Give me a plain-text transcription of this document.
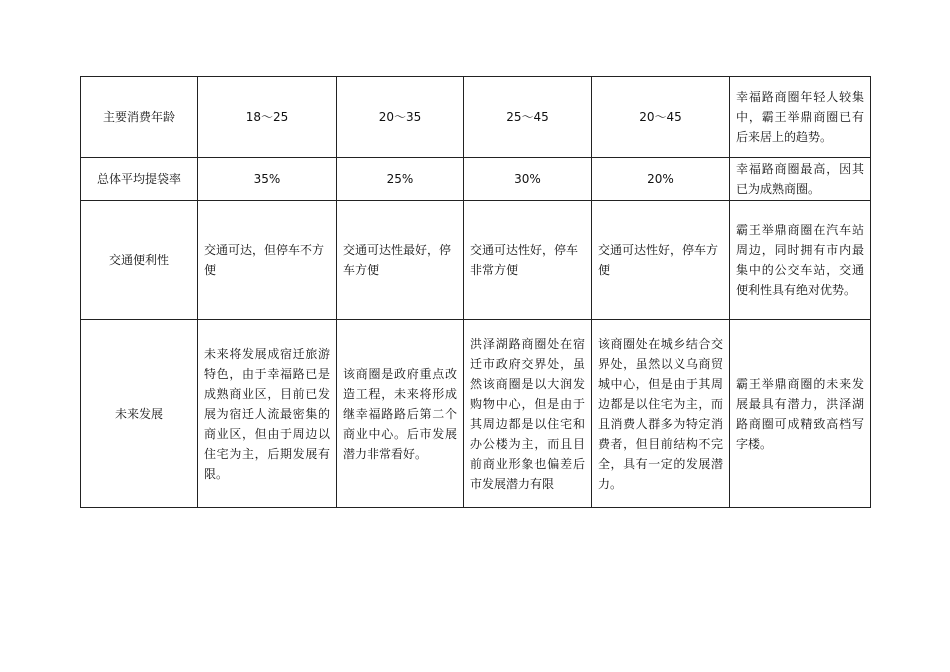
主要消费年龄	18～25	20～35	25～45	20～45	幸福路商圈年轻人较集中，霸王举鼎商圈已有后来居上的趋势。
总体平均提袋率	35%	25%	30%	20%	幸福路商圈最高，因其已为成熟商圈。
交通便利性	交通可达，但停车不方便	交通可达性最好，停车方便	交通可达性好，停车非常方便	交通可达性好，停车方便	霸王举鼎商圈在汽车站周边，同时拥有市内最集中的公交车站，交通便利性具有绝对优势。
未来发展	未来将发展成宿迁旅游特色，由于幸福路已是成熟商业区，目前已发展为宿迁人流最密集的商业区，但由于周边以住宅为主，后期发展有限。	该商圈是政府重点改造工程，未来将形成继幸福路路后第二个商业中心。后市发展潜力非常看好。	洪泽湖路商圈处在宿迁市政府交界处，虽然该商圈是以大润发购物中心，但是由于其周边都是以住宅和办公楼为主，而且目前商业形象也偏差后市发展潜力有限	该商圈处在城乡结合交界处，虽然以义乌商贸城中心，但是由于其周边都是以住宅为主，而且消费人群多为特定消费者，但目前结构不完全，具有一定的发展潜力。	霸王举鼎商圈的未来发展最具有潜力，洪泽湖路商圈可成精致高档写字楼。
